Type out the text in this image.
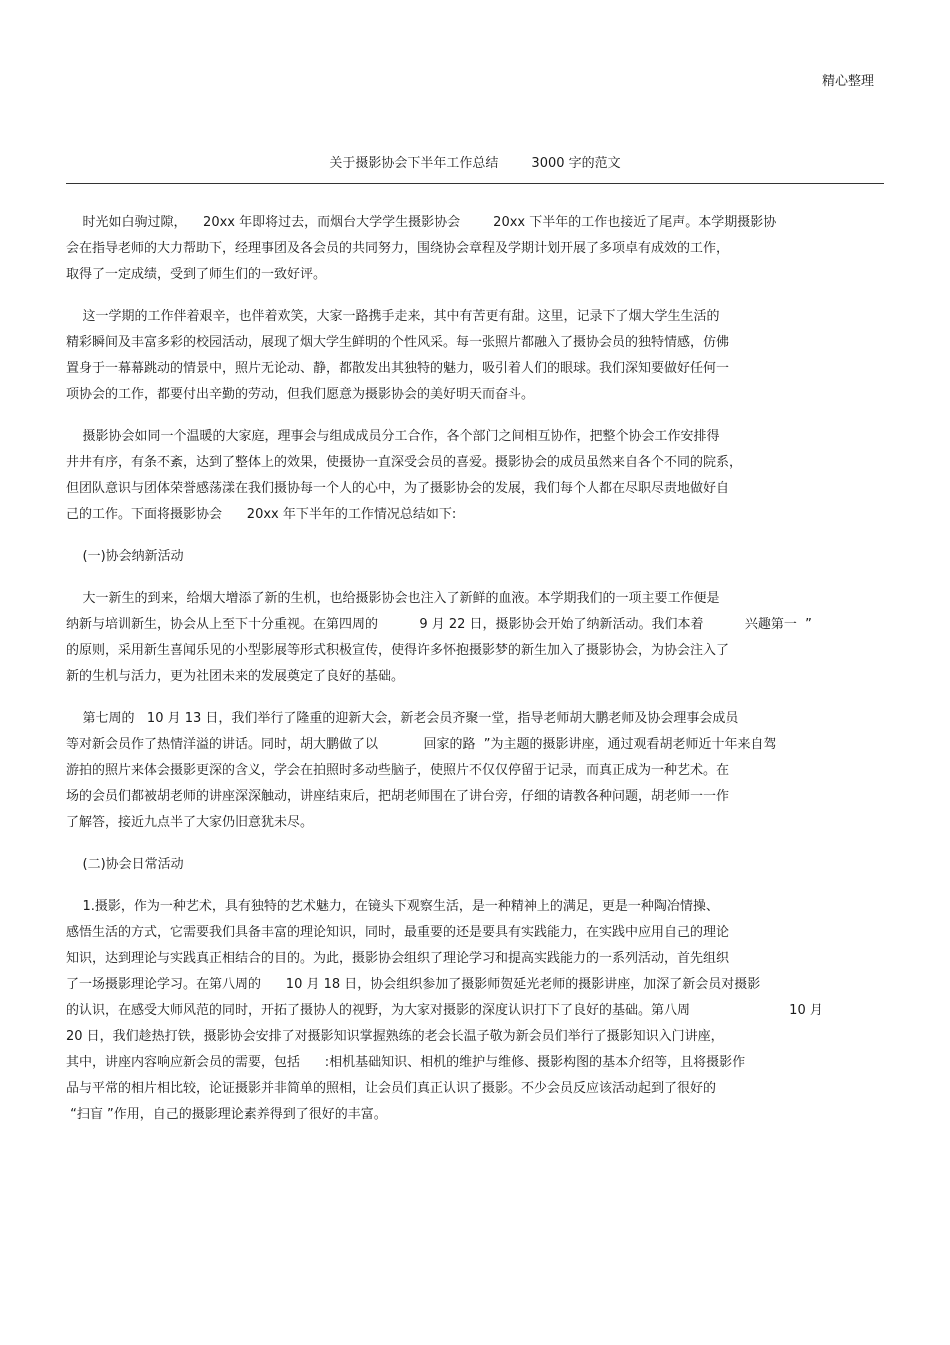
精心整理
关于摄影协会下半年工作总结        3000 字的范文
时光如白驹过隙，    20xx 年即将过去，而烟台大学学生摄影协会        20xx 下半年的工作也接近了尾声。本学期摄影协
会在指导老师的大力帮助下，经理事团及各会员的共同努力，围绕协会章程及学期计划开展了多项卓有成效的工作，
取得了一定成绩，受到了师生们的一致好评。
这一学期的工作伴着艰辛，也伴着欢笑，大家一路携手走来，其中有苦更有甜。这里，记录下了烟大学生生活的
精彩瞬间及丰富多彩的校园活动，展现了烟大学生鲜明的个性风采。每一张照片都融入了摄协会员的独特情感，仿佛
置身于一幕幕跳动的情景中，照片无论动、静，都散发出其独特的魅力，吸引着人们的眼球。我们深知要做好任何一
项协会的工作，都要付出辛勤的劳动，但我们愿意为摄影协会的美好明天而奋斗。
摄影协会如同一个温暖的大家庭，理事会与组成成员分工合作，各个部门之间相互协作，把整个协会工作安排得
井井有序，有条不紊，达到了整体上的效果，使摄协一直深受会员的喜爱。摄影协会的成员虽然来自各个不同的院系，
但团队意识与团体荣誉感荡漾在我们摄协每一个人的心中，为了摄影协会的发展，我们每个人都在尽职尽责地做好自
己的工作。下面将摄影协会      20xx 年下半年的工作情况总结如下:
(一)协会纳新活动
大一新生的到来，给烟大增添了新的生机，也给摄影协会也注入了新鲜的血液。本学期我们的一项主要工作便是
纳新与培训新生，协会从上至下十分重视。在第四周的          9 月 22 日，摄影协会开始了纳新活动。我们本着          兴趣第一  ”
的原则，采用新生喜闻乐见的小型影展等形式积极宣传，使得许多怀抱摄影梦的新生加入了摄影协会，为协会注入了
新的生机与活力，更为社团未来的发展奠定了良好的基础。
第七周的   10 月 13 日，我们举行了隆重的迎新大会，新老会员齐聚一堂，指导老师胡大鹏老师及协会理事会成员
等对新会员作了热情洋溢的讲话。同时，胡大鹏做了以           回家的路  ”为主题的摄影讲座，通过观看胡老师近十年来自驾
游拍的照片来体会摄影更深的含义，学会在拍照时多动些脑子，使照片不仅仅停留于记录，而真正成为一种艺术。在
场的会员们都被胡老师的讲座深深触动，讲座结束后，把胡老师围在了讲台旁，仔细的请教各种问题，胡老师一一作
了解答，接近九点半了大家仍旧意犹未尽。
(二)协会日常活动
1.摄影，作为一种艺术，具有独特的艺术魅力，在镜头下观察生活，是一种精神上的满足，更是一种陶冶情操、
感悟生活的方式，它需要我们具备丰富的理论知识，同时，最重要的还是要具有实践能力，在实践中应用自己的理论
知识，达到理论与实践真正相结合的目的。为此，摄影协会组织了理论学习和提高实践能力的一系列活动，首先组织
了一场摄影理论学习。在第八周的      10 月 18 日，协会组织参加了摄影师贺延光老师的摄影讲座，加深了新会员对摄影
的认识，在感受大师风范的同时，开拓了摄协人的视野，为大家对摄影的深度认识打下了良好的基础。第八周                        10 月
20 日，我们趁热打铁，摄影协会安排了对摄影知识掌握熟练的老会长温子敬为新会员们举行了摄影知识入门讲座，
其中，讲座内容响应新会员的需要，包括      :相机基础知识、相机的维护与维修、摄影构图的基本介绍等，且将摄影作
品与平常的相片相比较，论证摄影并非简单的照相，让会员们真正认识了摄影。不少会员反应该活动起到了很好的
“扫盲 ”作用，自己的摄影理论素养得到了很好的丰富。
